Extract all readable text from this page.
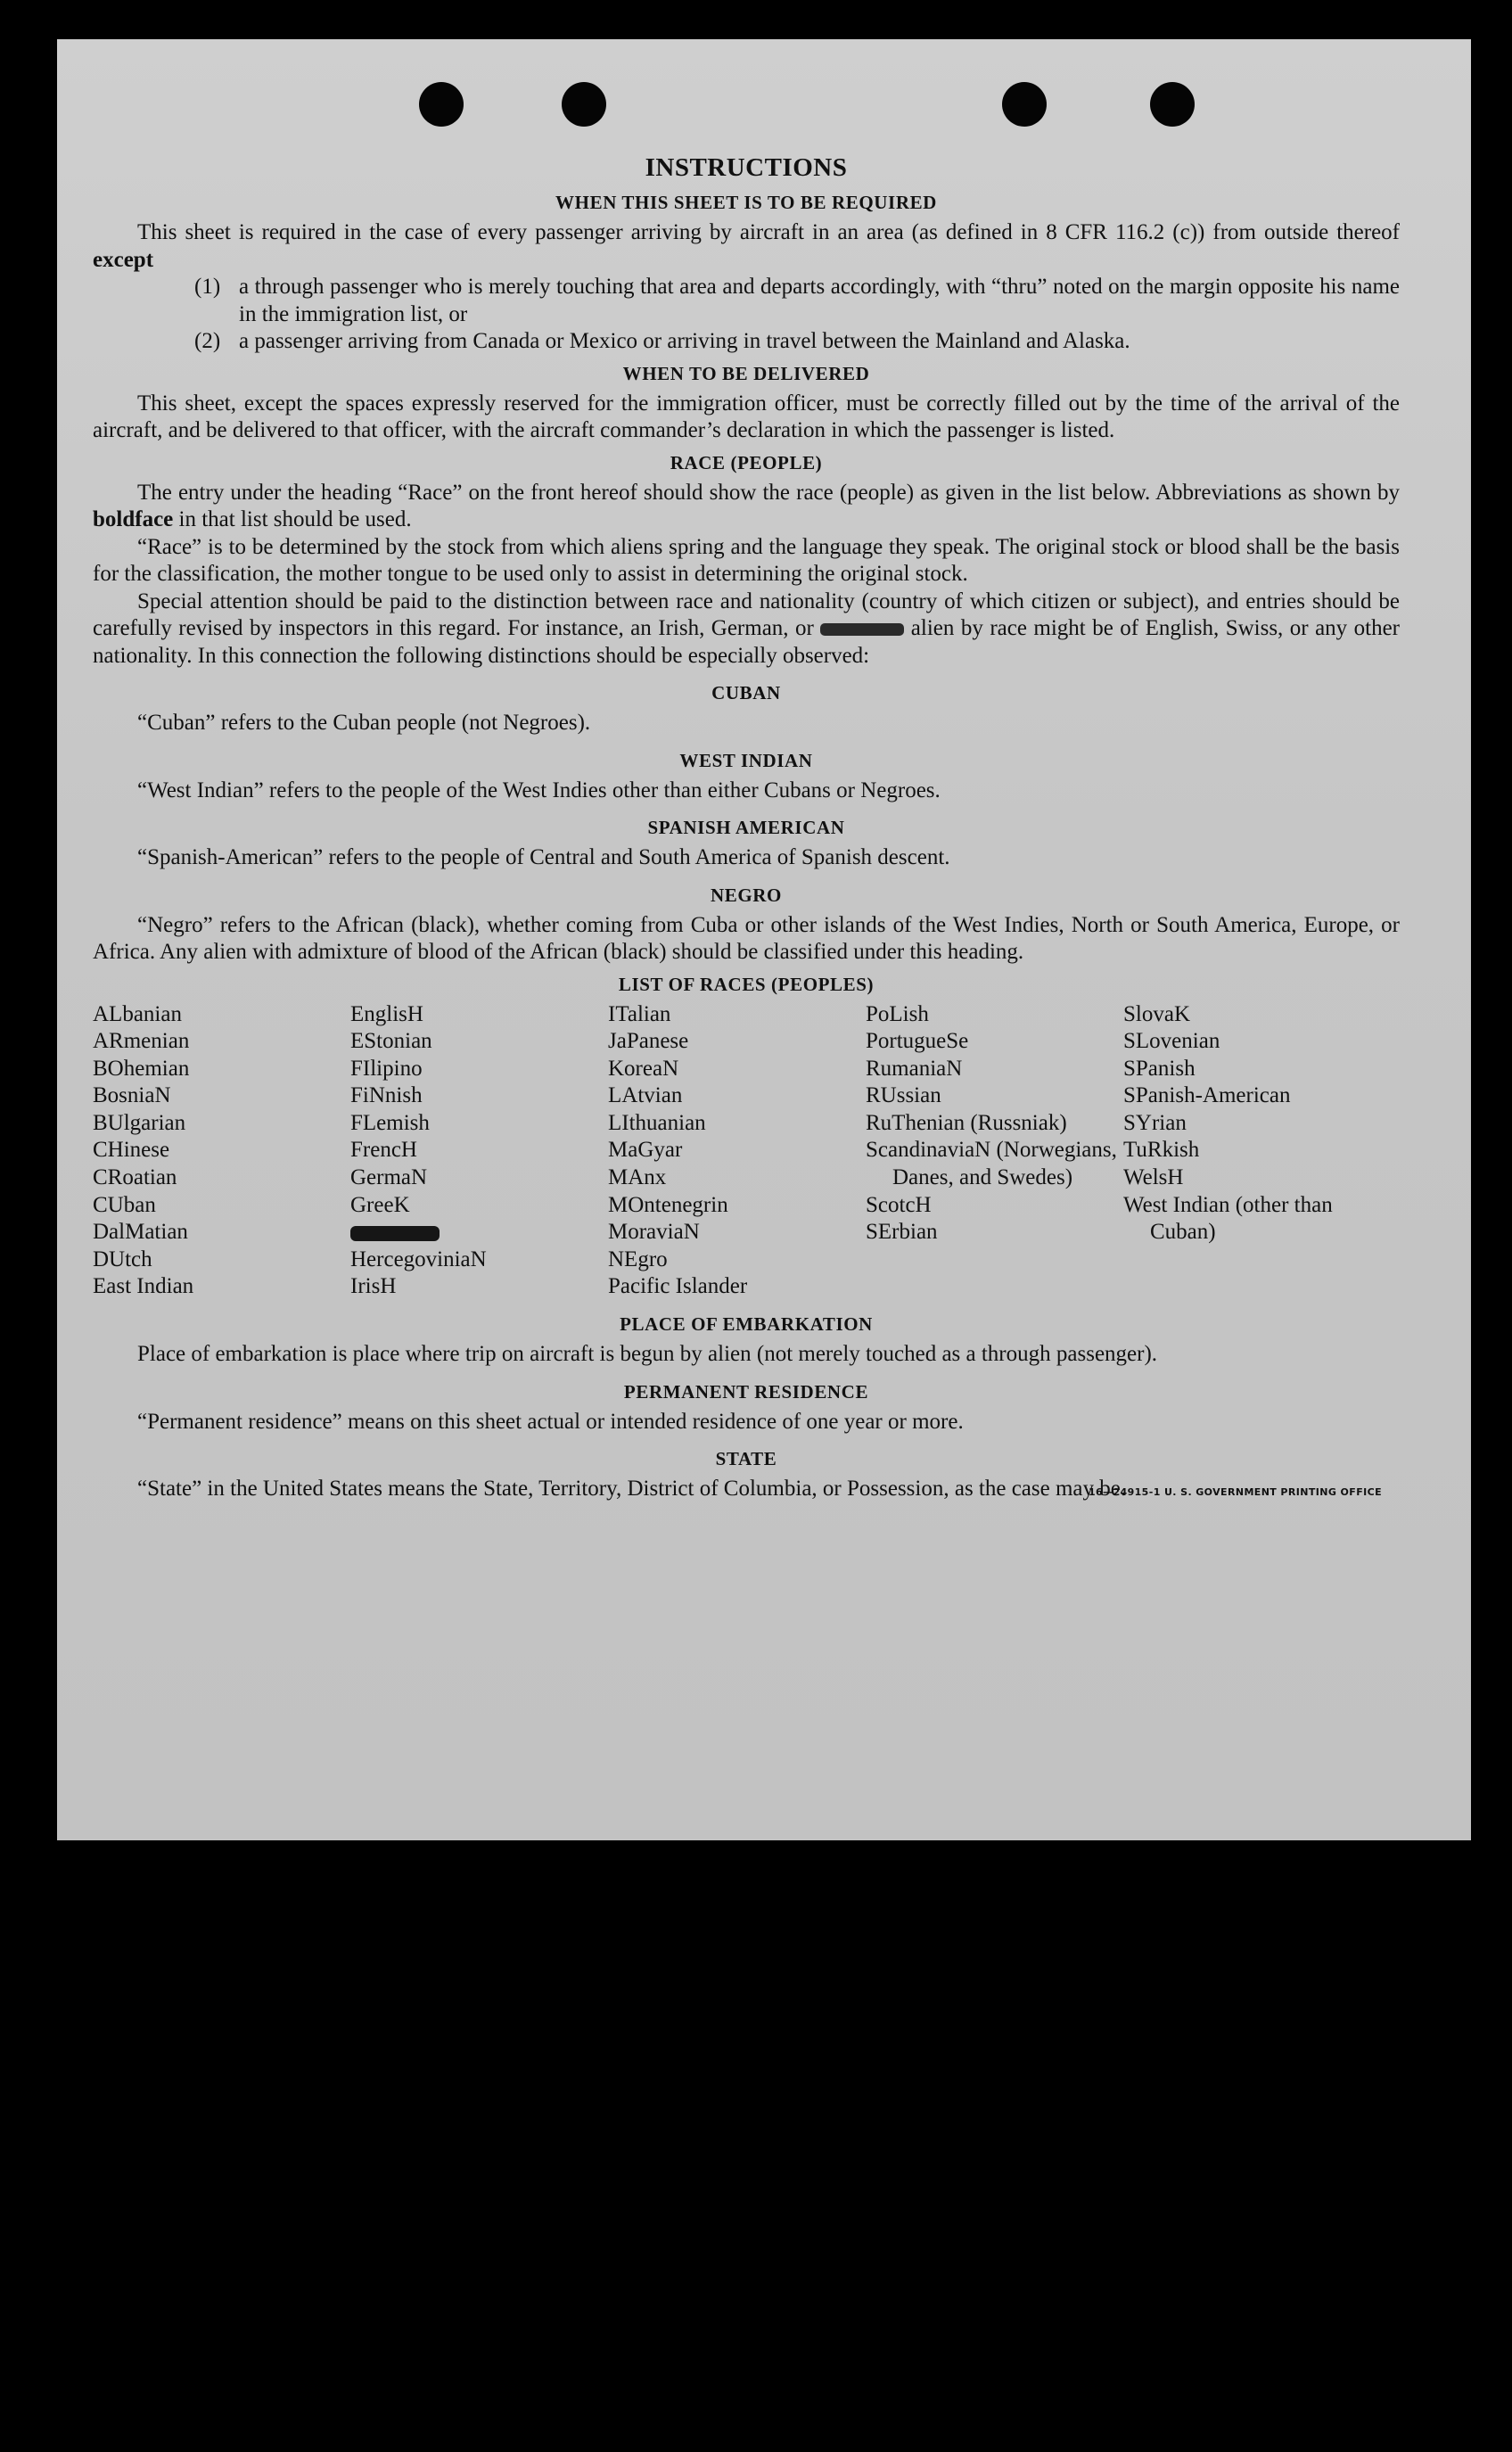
INSTRUCTIONS
WHEN THIS SHEET IS TO BE REQUIRED

This sheet is required in the case of every passenger arriving by aircraft in an area (as defined in 8 CFR 116.2 (c)) from outside thereof except

(1) a through passenger who is merely touching that area and departs accordingly, with “thru” noted on the margin opposite his name in the immigration list, or
(2) a passenger arriving from Canada or Mexico or arriving in travel between the Mainland and Alaska.
WHEN TO BE DELIVERED

This sheet, except the spaces expressly reserved for the immigration officer, must be correctly filled out by the time of the arrival of the aircraft, and be delivered to that officer, with the aircraft commander’s declaration in which the passenger is listed.

RACE (PEOPLE)

The entry under the heading “Race” on the front hereof should show the race (people) as given in the list below. Abbreviations as shown by boldface in that list should be used.

“Race” is to be determined by the stock from which aliens spring and the language they speak. The original stock or blood shall be the basis for the classification, the mother tongue to be used only to assist in determining the original stock.

Special attention should be paid to the distinction between race and nationality (country of which citizen or subject), and entries should be carefully revised by inspectors in this regard. For instance, an Irish, German, or	alien by race might be of English, Swiss, or any other nationality. In this connection the following distinctions should be especially observed:

CUBAN

“Cuban” refers to the Cuban people (not Negroes).

WEST INDIAN

“West Indian” refers to the people of the West Indies other than either Cubans or Negroes.

SPANISH AMERICAN

“Spanish-American” refers to the people of Central and South America of Spanish descent.

NEGRO

“Negro” refers to the African (black), whether coming from Cuba or other islands of the West Indies, North or South America, Europe, or Africa. Any alien with admixture of blood of the African (black) should be classified under this heading.

LIST OF RACES (PEOPLES)
ALbanian
ARmenian
BOhemian
BosniaN
BUlgarian
CHinese
CRoatian
CUban
DalMatian
DUtch
East Indian
EnglisH
EStonian
FIlipino
FiNnish
FLemish
FrencH
GermaN
GreeK
HercegoviniaN
IrisH
ITalian
JaPanese
KoreaN
LAtvian
LIthuanian
MaGyar
MAnx
MOntenegrin
MoraviaN
NEgro
Pacific Islander
PoLish
PortugueSe
RumaniaN
RUssian
RuThenian (Russniak)
ScandinaviaN (Norwegians, Danes, and Swedes)
ScotcH
SErbian
SlovaK
SLovenian
SPanish
SPanish-American
SYrian
TuRkish
WelsH
West Indian (other than Cuban)
PLACE OF EMBARKATION

Place of embarkation is place where trip on aircraft is begun by alien (not merely touched as a through passenger).

PERMANENT RESIDENCE

“Permanent residence” means on this sheet actual or intended residence of one year or more.

STATE

“State” in the United States means the State, Territory, District of Columbia, or Possession, as the case may be.

16—24915-1 U. S. GOVERNMENT PRINTING OFFICE
